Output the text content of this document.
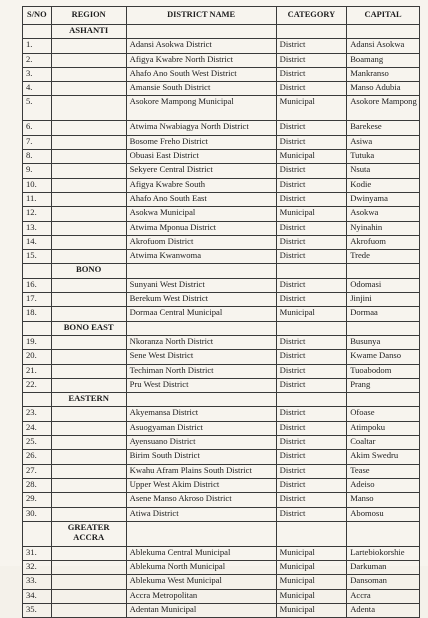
S/NO	REGION	DISTRICT NAME	CATEGORY	CAPITAL
	ASHANTI			
1.		Adansi Asokwa District	District	Adansi Asokwa
2.		Afigya Kwabre North District	District	Boamang
3.		Ahafo Ano South West District	District	Mankranso
4.		Amansie South District	District	Manso Adubia
5.		Asokore Mampong Municipal	Municipal	Asokore Mampong
6.		Atwima Nwabiagya North District	District	Barekese
7.		Bosome Freho District	District	Asiwa
8.		Obuasi East District	Municipal	Tutuka
9.		Sekyere Central District	District	Nsuta
10.		Afigya Kwabre South	District	Kodie
11.		Ahafo Ano South East	District	Dwinyama
12.		Asokwa Municipal	Municipal	Asokwa
13.		Atwima Mponua District	District	Nyinahin
14.		Akrofuom District	District	Akrofuom
15.		Atwima Kwanwoma	District	Trede
	BONO			
16.		Sunyani West District	District	Odomasi
17.		Berekum West District	District	Jinjini
18.		Dormaa Central Municipal	Municipal	Dormaa
	BONO EAST			
19.		Nkoranza North District	District	Busunya
20.		Sene West District	District	Kwame Danso
21.		Techiman North District	District	Tuoabodom
22.		Pru West District	District	Prang
	EASTERN			
23.		Akyemansa District	District	Ofoase
24.		Asuogyaman District	District	Atimpoku
25.		Ayensuano District	District	Coaltar
26.		Birim South District	District	Akim Swedru
27.		Kwahu Afram Plains South District	District	Tease
28.		Upper West Akim District	District	Adeiso
29.		Asene Manso Akroso District	District	Manso
30.		Atiwa District	District	Abomosu
	GREATER ACCRA			
31.		Ablekuma Central Municipal	Municipal	Lartebiokorshie
32.		Ablekuma North Municipal	Municipal	Darkuman
33.		Ablekuma West Municipal	Municipal	Dansoman
34.		Accra Metropolitan	Municipal	Accra
35.		Adentan Municipal	Municipal	Adenta
